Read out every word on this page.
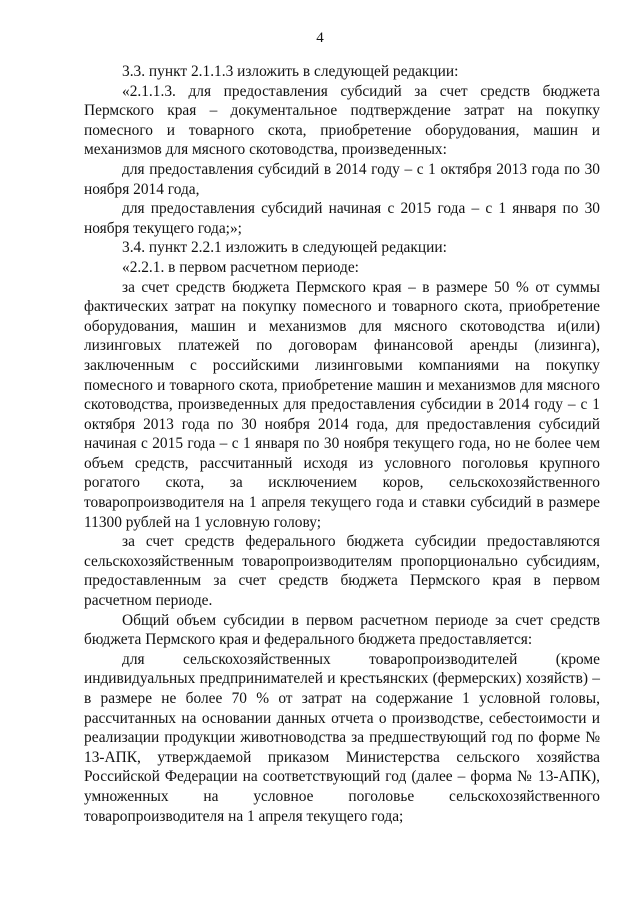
4

3.3. пункт 2.1.1.3 изложить в следующей редакции:

«2.1.1.3. для предоставления субсидий за счет средств бюджета Пермского края – документальное подтверждение затрат на покупку помесного и товарного скота, приобретение оборудования, машин и механизмов для мясного скотоводства, произведенных:

для предоставления субсидий в 2014 году – с 1 октября 2013 года по 30 ноября 2014 года,

для предоставления субсидий начиная с 2015 года – с 1 января по 30 ноября текущего года;»;

3.4. пункт 2.2.1 изложить в следующей редакции:

«2.2.1. в первом расчетном периоде:

за счет средств бюджета Пермского края – в размере 50 % от суммы фактических затрат на покупку помесного и товарного скота, приобретение оборудования, машин и механизмов для мясного скотоводства и(или) лизинговых платежей по договорам финансовой аренды (лизинга), заключенным с российскими лизинговыми компаниями на покупку помесного и товарного скота, приобретение машин и механизмов для мясного скотоводства, произведенных для предоставления субсидии в 2014 году – с 1 октября 2013 года по 30 ноября 2014 года, для предоставления субсидий начиная с 2015 года – с 1 января по 30 ноября текущего года, но не более чем объем средств, рассчитанный исходя из условного поголовья крупного рогатого скота, за исключением коров, сельскохозяйственного товаропроизводителя на 1 апреля текущего года и ставки субсидий в размере 11300 рублей на 1 условную голову;

за счет средств федерального бюджета субсидии предоставляются сельскохозяйственным товаропроизводителям пропорционально субсидиям, предоставленным за счет средств бюджета Пермского края в первом расчетном периоде.

Общий объем субсидии в первом расчетном периоде за счет средств бюджета Пермского края и федерального бюджета предоставляется:

для сельскохозяйственных товаропроизводителей (кроме индивидуальных предпринимателей и крестьянских (фермерских) хозяйств) – в размере не более 70 % от затрат на содержание 1 условной головы, рассчитанных на основании данных отчета о производстве, себестоимости и реализации продукции животноводства за предшествующий год по форме № 13-АПК, утверждаемой приказом Министерства сельского хозяйства Российской Федерации на соответствующий год (далее – форма № 13-АПК), умноженных на условное поголовье сельскохозяйственного товаропроизводителя на 1 апреля текущего года;
